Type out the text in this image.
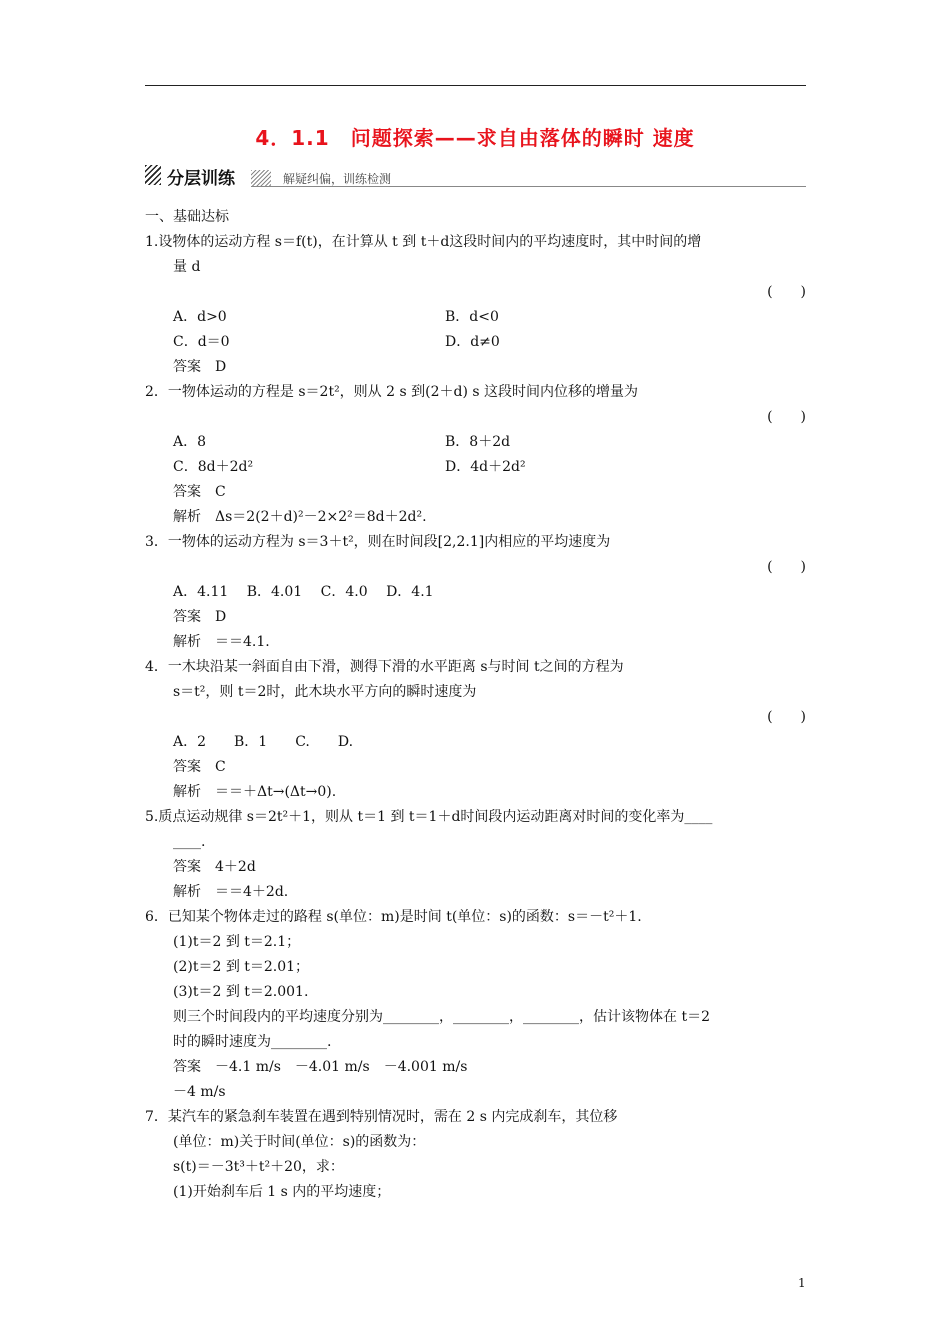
4．1.1　问题探索——求自由落体的瞬时 速度
分层训练	解疑纠偏，训练检测
一、基础达标
1.设物体的运动方程 s＝f(t)，在计算从 t 到 t＋d这段时间内的平均速度时，其中时间的增
量 d
(　　)
A．d>0	B．d<0
C．d＝0	D．d≠0
答案　D
2．一物体运动的方程是 s＝2t²，则从 2 s 到(2＋d) s 这段时间内位移的增量为
(　　)
A．8	B．8＋2d
C．8d＋2d²	D．4d＋2d²
答案　C
解析　Δs＝2(2＋d)²－2×2²＝8d＋2d².
3．一物体的运动方程为 s＝3＋t²，则在时间段[2,2.1]内相应的平均速度为
(　　)
A．4.11　 B．4.01　 C．4.0　 D．4.1
答案　D
解析　＝＝4.1.
4．一木块沿某一斜面自由下滑，测得下滑的水平距离 s与时间 t之间的方程为
s＝t²，则 t＝2时，此木块水平方向的瞬时速度为
(　　)
A．2　　B．1　　C.　　D.
答案　C
解析　＝＝＋Δt→(Δt→0).
5.质点运动规律 s＝2t²＋1，则从 t＝1 到 t＝1＋d时间段内运动距离对时间的变化率为____
____.
答案　4＋2d
解析　＝＝4＋2d.
6．已知某个物体走过的路程 s(单位：m)是时间 t(单位：s)的函数：s＝－t²＋1.
(1)t＝2 到 t＝2.1；
(2)t＝2 到 t＝2.01；
(3)t＝2 到 t＝2.001.
则三个时间段内的平均速度分别为________，________，________，估计该物体在 t＝2
时的瞬时速度为________.
答案　－4.1 m/s　－4.01 m/s　－4.001 m/s
－4 m/s
7．某汽车的紧急刹车装置在遇到特别情况时，需在 2 s 内完成刹车，其位移
(单位：m)关于时间(单位：s)的函数为：
s(t)＝－3t³＋t²＋20，求：
(1)开始刹车后 1 s 内的平均速度；
1
